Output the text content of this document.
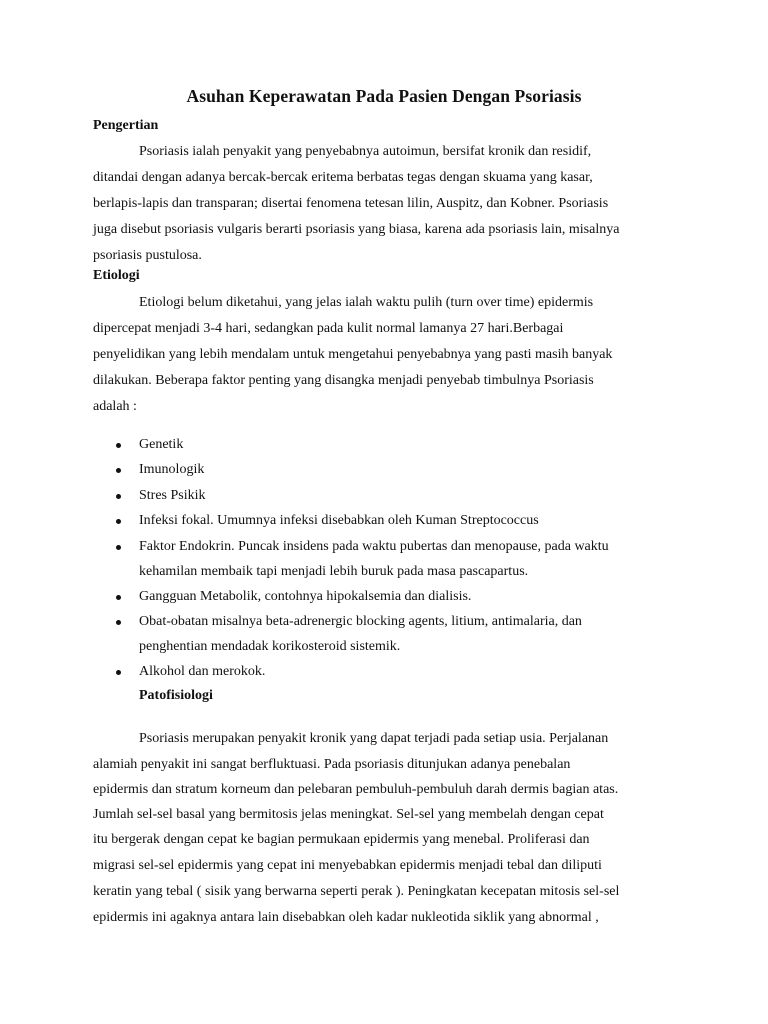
Asuhan Keperawatan Pada Pasien Dengan Psoriasis
Pengertian
Psoriasis ialah penyakit yang penyebabnya autoimun, bersifat kronik dan residif,
ditandai dengan adanya bercak-bercak eritema berbatas tegas dengan skuama yang kasar,
berlapis-lapis dan transparan; disertai fenomena tetesan lilin, Auspitz, dan Kobner. Psoriasis
juga disebut psoriasis vulgaris berarti psoriasis yang biasa, karena ada psoriasis lain, misalnya
psoriasis pustulosa.
Etiologi
Etiologi belum diketahui, yang jelas ialah waktu pulih (turn over time) epidermis
dipercepat menjadi 3-4 hari, sedangkan pada kulit normal lamanya 27 hari.Berbagai
penyelidikan yang lebih mendalam untuk mengetahui penyebabnya yang pasti masih banyak
dilakukan. Beberapa faktor penting yang disangka menjadi penyebab timbulnya Psoriasis
adalah :
Genetik
Imunologik
Stres Psikik
Infeksi fokal. Umumnya infeksi disebabkan oleh Kuman Streptococcus
Faktor Endokrin. Puncak insidens pada waktu pubertas dan menopause, pada waktu
kehamilan membaik tapi menjadi lebih buruk pada masa pascapartus.
Gangguan Metabolik, contohnya hipokalsemia dan dialisis.
Obat-obatan misalnya beta-adrenergic blocking agents, litium, antimalaria, dan
penghentian mendadak korikosteroid sistemik.
Alkohol dan merokok.
Patofisiologi
Psoriasis merupakan penyakit kronik yang dapat terjadi pada setiap usia. Perjalanan
alamiah penyakit ini sangat berfluktuasi. Pada psoriasis ditunjukan adanya penebalan
epidermis dan stratum korneum dan pelebaran pembuluh-pembuluh darah dermis bagian atas.
Jumlah sel-sel basal yang bermitosis jelas meningkat. Sel-sel yang membelah dengan cepat
itu bergerak dengan cepat ke bagian permukaan epidermis yang menebal. Proliferasi dan
migrasi sel-sel epidermis yang cepat ini menyebabkan epidermis menjadi tebal dan diliputi
keratin yang tebal ( sisik yang berwarna seperti perak ). Peningkatan kecepatan mitosis sel-sel
epidermis ini agaknya antara lain disebabkan oleh kadar nukleotida siklik yang abnormal ,
